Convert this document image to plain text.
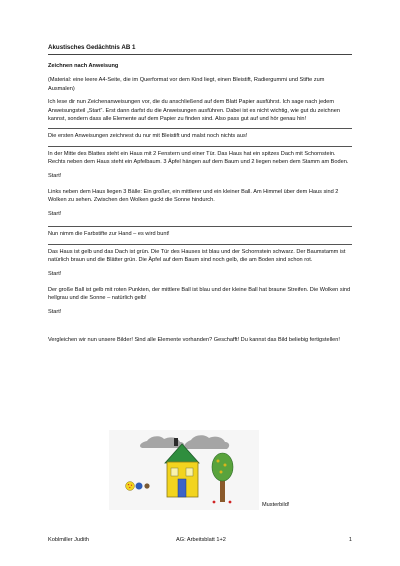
Akustisches Gedächtnis AB 1
Zeichnen nach Anweisung

(Material: eine leere A4-Seite, die im Querformat vor dem Kind liegt, einen Bleistift, Radiergummi und Stifte zum Ausmalen)

Ich lese dir nun Zeichenanweisungen vor, die du anschließend auf dem Blatt Papier ausführst. Ich sage nach jedem Anweisungsteil „Start“. Erst dann darfst du die Anweisungen ausführen. Dabei ist es nicht wichtig, wie gut du zeichnen kannst, sondern dass alle Elemente auf dem Papier zu finden sind. Also pass gut auf und hör genau hin!

Die ersten Anweisungen zeichnest du nur mit Bleistift und malst noch nichts aus!

In der Mitte des Blattes steht ein Haus mit 2 Fenstern und einer Tür. Das Haus hat ein spitzes Dach mit Schornstein. Rechts neben dem Haus steht ein Apfelbaum. 3 Äpfel hängen auf dem Baum und 2 liegen neben dem Stamm am Boden.

Start!

Links neben dem Haus liegen 3 Bälle: Ein großer, ein mittlerer und ein kleiner Ball. Am Himmel über dem Haus sind 2 Wolken zu sehen. Zwischen den Wolken guckt die Sonne hindurch.

Start!

Nun nimm die Farbstifte zur Hand – es wird bunt!

Das Haus ist gelb und das Dach ist grün. Die Tür des Hauses ist blau und der Schornstein schwarz. Der Baumstamm ist natürlich braun und die Blätter grün. Die Äpfel auf dem Baum sind noch gelb, die am Boden sind schon rot.

Start!

Der große Ball ist gelb mit roten Punkten, der mittlere Ball ist blau und der kleine Ball hat braune Streifen. Die Wolken sind hellgrau und die Sonne – natürlich gelb!

Start!

Vergleichen wir nun unsere Bilder! Sind alle Elemente vorhanden? Geschafft! Du kannst das Bild beliebig fertigstellen!

Musterbild!
Koblmiller Judith	AG: Arbeitsblatt 1+2	1
